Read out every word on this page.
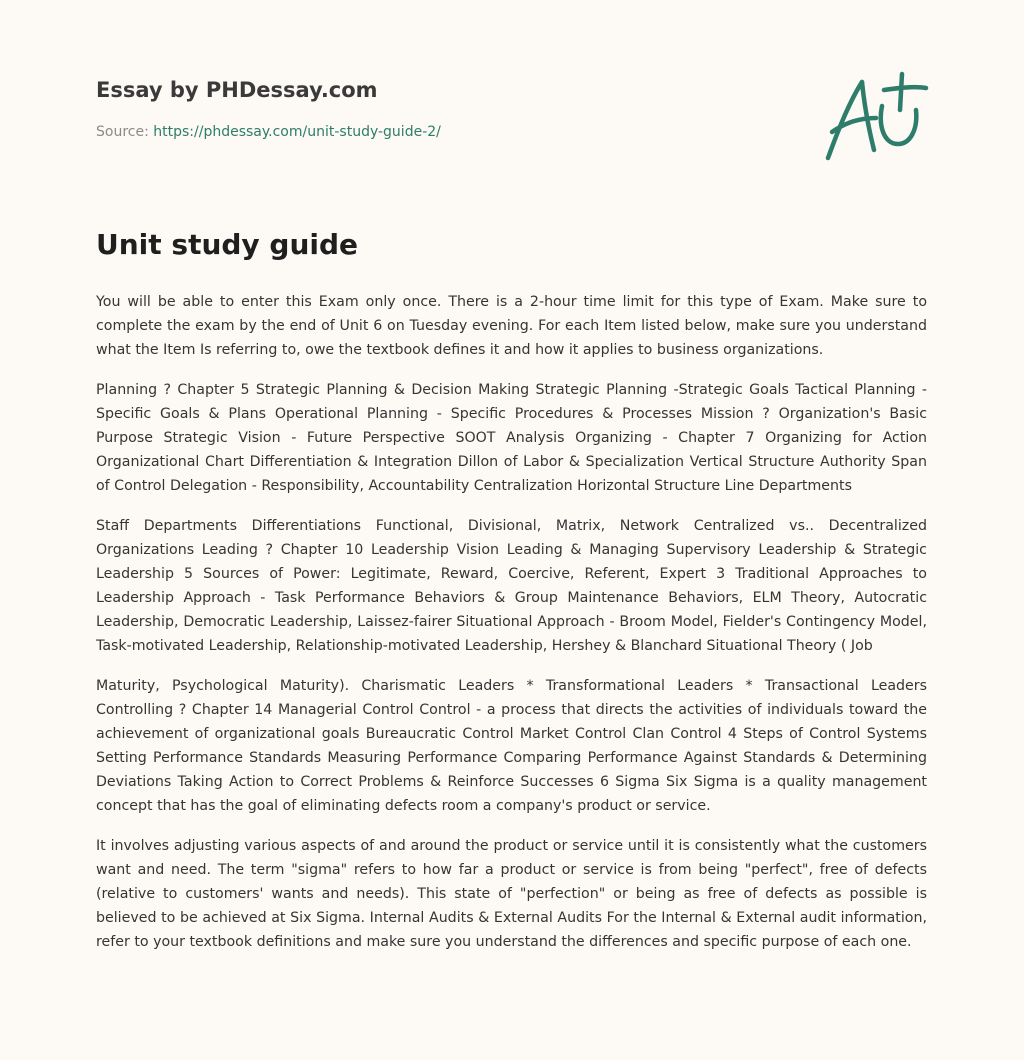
Essay by PHDessay.com

Source: https://phdessay.com/unit-study-guide-2/
Unit study guide

You will be able to enter this Exam only once. There is a 2-hour time limit for this type of Exam. Make sure to complete the exam by the end of Unit 6 on Tuesday evening. For each Item listed below, make sure you understand what the Item Is referring to, owe the textbook defines it and how it applies to business organizations.

Planning ? Chapter 5 Strategic Planning & Decision Making Strategic Planning -Strategic Goals Tactical Planning - Specific Goals & Plans Operational Planning - Specific Procedures & Processes Mission ? Organization's Basic Purpose Strategic Vision - Future Perspective SOOT Analysis Organizing - Chapter 7 Organizing for Action Organizational Chart Differentiation & Integration Dillon of Labor & Specialization Vertical Structure Authority Span of Control Delegation - Responsibility, Accountability Centralization Horizontal Structure Line Departments

Staff Departments Differentiations Functional, Divisional, Matrix, Network Centralized vs.. Decentralized Organizations Leading ? Chapter 10 Leadership Vision Leading & Managing Supervisory Leadership & Strategic Leadership 5 Sources of Power: Legitimate, Reward, Coercive, Referent, Expert 3 Traditional Approaches to Leadership Approach - Task Performance Behaviors & Group Maintenance Behaviors, ELM Theory, Autocratic Leadership, Democratic Leadership, Laissez-fairer Situational Approach - Broom Model, Fielder's Contingency Model, Task-motivated Leadership, Relationship-motivated Leadership, Hershey & Blanchard Situational Theory ( Job

Maturity, Psychological Maturity). Charismatic Leaders * Transformational Leaders * Transactional Leaders Controlling ? Chapter 14 Managerial Control Control - a process that directs the activities of individuals toward the achievement of organizational goals Bureaucratic Control Market Control Clan Control 4 Steps of Control Systems Setting Performance Standards Measuring Performance Comparing Performance Against Standards & Determining Deviations Taking Action to Correct Problems & Reinforce Successes 6 Sigma Six Sigma is a quality management concept that has the goal of eliminating defects room a company's product or service.

It involves adjusting various aspects of and around the product or service until it is consistently what the customers want and need. The term "sigma" refers to how far a product or service is from being "perfect", free of defects (relative to customers' wants and needs). This state of "perfection" or being as free of defects as possible is believed to be achieved at Six Sigma. Internal Audits & External Audits For the Internal & External audit information, refer to your textbook definitions and make sure you understand the differences and specific purpose of each one.
